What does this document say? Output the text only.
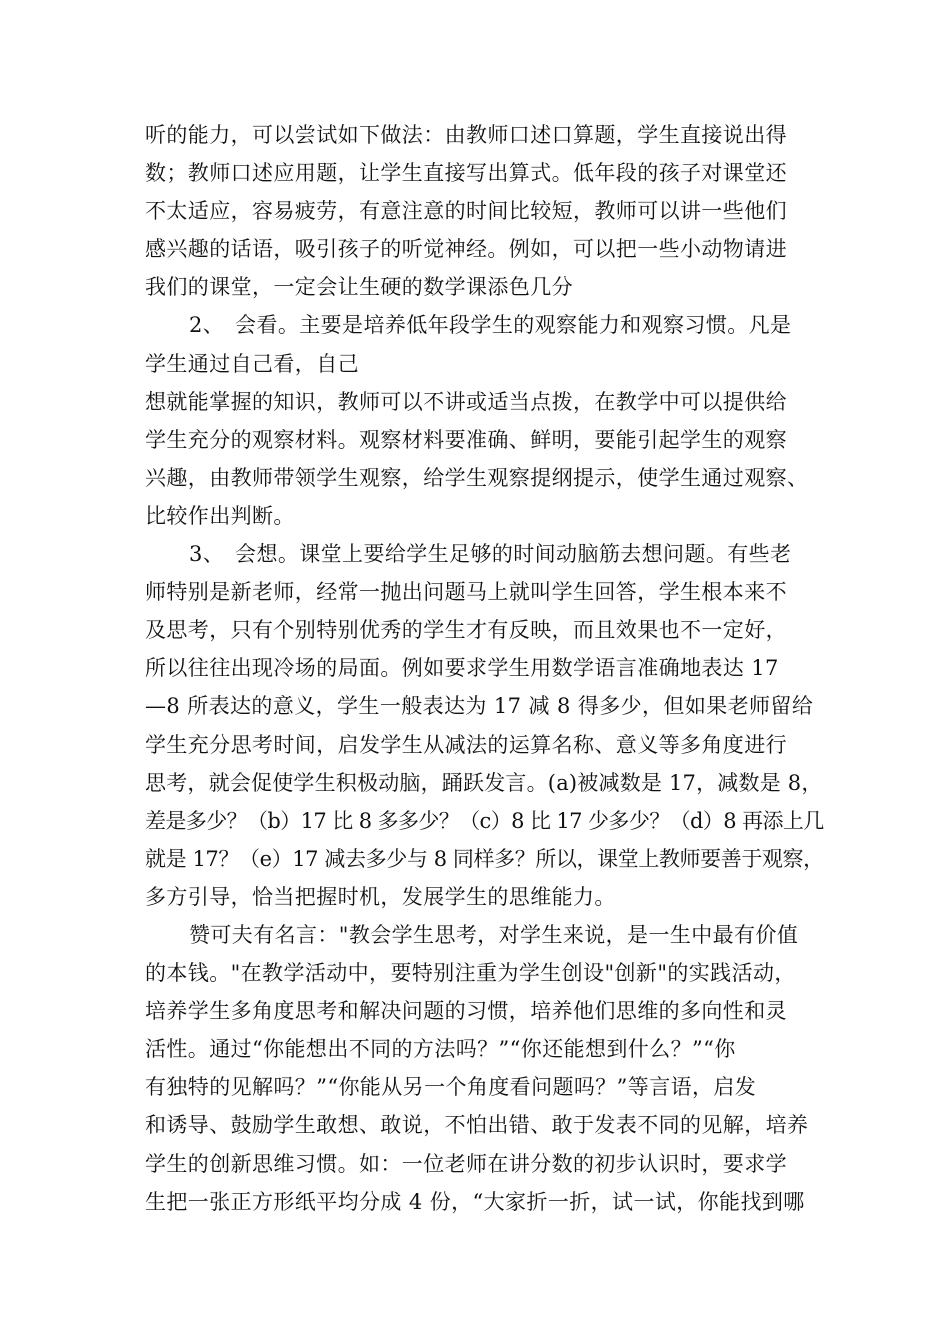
听的能力，可以尝试如下做法：由教师口述口算题，学生直接说出得
数；教师口述应用题，让学生直接写出算式。低年段的孩子对课堂还
不太适应，容易疲劳，有意注意的时间比较短，教师可以讲一些他们
感兴趣的话语，吸引孩子的听觉神经。例如，可以把一些小动物请进
我们的课堂，一定会让生硬的数学课添色几分
2、　会看。主要是培养低年段学生的观察能力和观察习惯。凡是
学生通过自己看，自己
想就能掌握的知识，教师可以不讲或适当点拨，在教学中可以提供给
学生充分的观察材料。观察材料要准确、鲜明，要能引起学生的观察
兴趣，由教师带领学生观察，给学生观察提纲提示，使学生通过观察、
比较作出判断。
3、　会想。课堂上要给学生足够的时间动脑筋去想问题。有些老
师特别是新老师，经常一抛出问题马上就叫学生回答，学生根本来不
及思考，只有个别特别优秀的学生才有反映，而且效果也不一定好，
所以往往出现冷场的局面。例如要求学生用数学语言准确地表达 17
—8 所表达的意义，学生一般表达为 17 减 8 得多少，但如果老师留给
学生充分思考时间，启发学生从减法的运算名称、意义等多角度进行
思考，就会促使学生积极动脑，踊跃发言。(a)被减数是 17，减数是 8，
差是多少？（b）17 比 8 多多少？（c）8 比 17 少多少？（d）8 再添上几
就是 17？（e）17 减去多少与 8 同样多？所以，课堂上教师要善于观察，
多方引导，恰当把握时机，发展学生的思维能力。
赞可夫有名言："教会学生思考，对学生来说，是一生中最有价值
的本钱。"在教学活动中，要特别注重为学生创设"创新"的实践活动，
培养学生多角度思考和解决问题的习惯，培养他们思维的多向性和灵
活性。通过“你能想出不同的方法吗？”“你还能想到什么？”“你
有独特的见解吗？”“你能从另一个角度看问题吗？”等言语，启发
和诱导、鼓励学生敢想、敢说，不怕出错、敢于发表不同的见解，培养
学生的创新思维习惯。如：一位老师在讲分数的初步认识时，要求学
生把一张正方形纸平均分成 4 份，“大家折一折，试一试，你能找到哪
